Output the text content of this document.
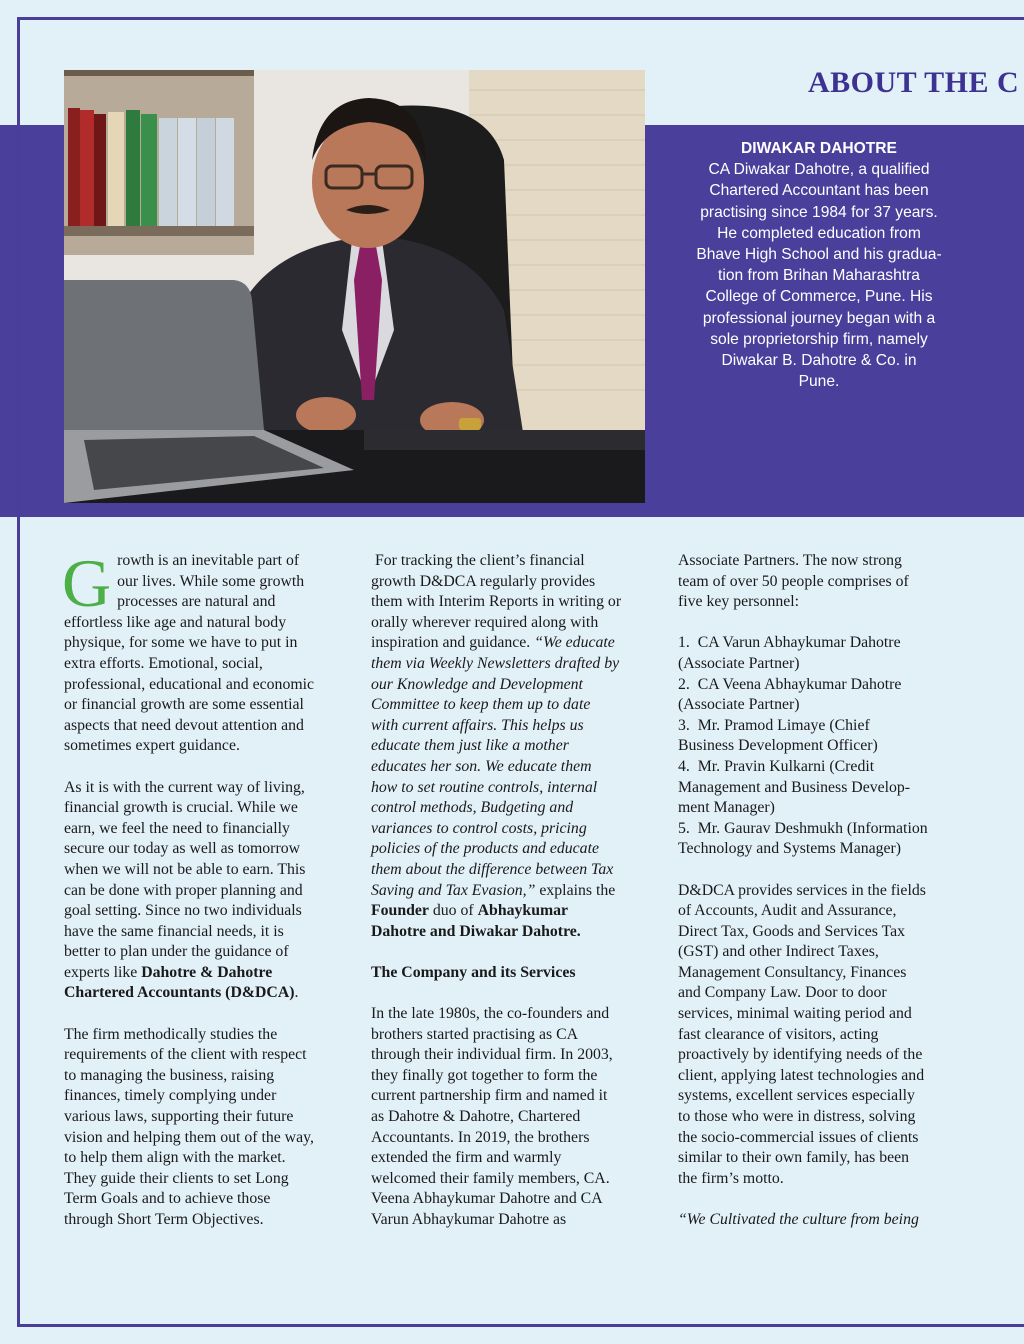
ABOUT THE C
DIWAKAR DAHOTRE
CA Diwakar Dahotre, a qualified
Chartered Accountant has been
practising since 1984 for 37 years.
He completed education from
Bhave High School and his gradua-
tion from Brihan Maharashtra
College of Commerce, Pune. His
professional journey began with a
sole proprietorship firm, namely
Diwakar B. Dahotre & Co. in
Pune.
G rowth is an inevitable part of

our lives. While some growth

processes are natural and

effortless like age and natural body

physique, for some we have to put in

extra efforts. Emotional, social,

professional, educational and economic

or financial growth are some essential

aspects that need devout attention and

sometimes expert guidance.

As it is with the current way of living,

financial growth is crucial. While we

earn, we feel the need to financially

secure our today as well as tomorrow

when we will not be able to earn. This

can be done with proper planning and

goal setting. Since no two individuals

have the same financial needs, it is

better to plan under the guidance of

experts like Dahotre & Dahotre

Chartered Accountants (D&DCA).

The firm methodically studies the

requirements of the client with respect

to managing the business, raising

finances, timely complying under

various laws, supporting their future

vision and helping them out of the way,

to help them align with the market.

They guide their clients to set Long

Term Goals and to achieve those

through Short Term Objectives.

For tracking the client’s financial

growth D&DCA regularly provides

them with Interim Reports in writing or

orally wherever required along with

inspiration and guidance. “We educate

them via Weekly Newsletters drafted by

our Knowledge and Development

Committee to keep them up to date

with current affairs. This helps us

educate them just like a mother

educates her son. We educate them

how to set routine controls, internal

control methods, Budgeting and

variances to control costs, pricing

policies of the products and educate

them about the difference between Tax

Saving and Tax Evasion,” explains the

Founder duo of Abhaykumar

Dahotre and Diwakar Dahotre.

The Company and its Services

In the late 1980s, the co-founders and

brothers started practising as CA

through their individual firm. In 2003,

they finally got together to form the

current partnership firm and named it

as Dahotre & Dahotre, Chartered

Accountants. In 2019, the brothers

extended the firm and warmly

welcomed their family members, CA.

Veena Abhaykumar Dahotre and CA

Varun Abhaykumar Dahotre as

Associate Partners. The now strong

team of over 50 people comprises of

five key personnel:

1.  CA Varun Abhaykumar Dahotre

(Associate Partner)

2.  CA Veena Abhaykumar Dahotre

(Associate Partner)

3.  Mr. Pramod Limaye (Chief

Business Development Officer)

4.  Mr. Pravin Kulkarni (Credit

Management and Business Develop-

ment Manager)

5.  Mr. Gaurav Deshmukh (Information

Technology and Systems Manager)

D&DCA provides services in the fields

of Accounts, Audit and Assurance,

Direct Tax, Goods and Services Tax

(GST) and other Indirect Taxes,

Management Consultancy, Finances

and Company Law. Door to door

services, minimal waiting period and

fast clearance of visitors, acting

proactively by identifying needs of the

client, applying latest technologies and

systems, excellent services especially

to those who were in distress, solving

the socio-commercial issues of clients

similar to their own family, has been

the firm’s motto.

“We Cultivated the culture from being
